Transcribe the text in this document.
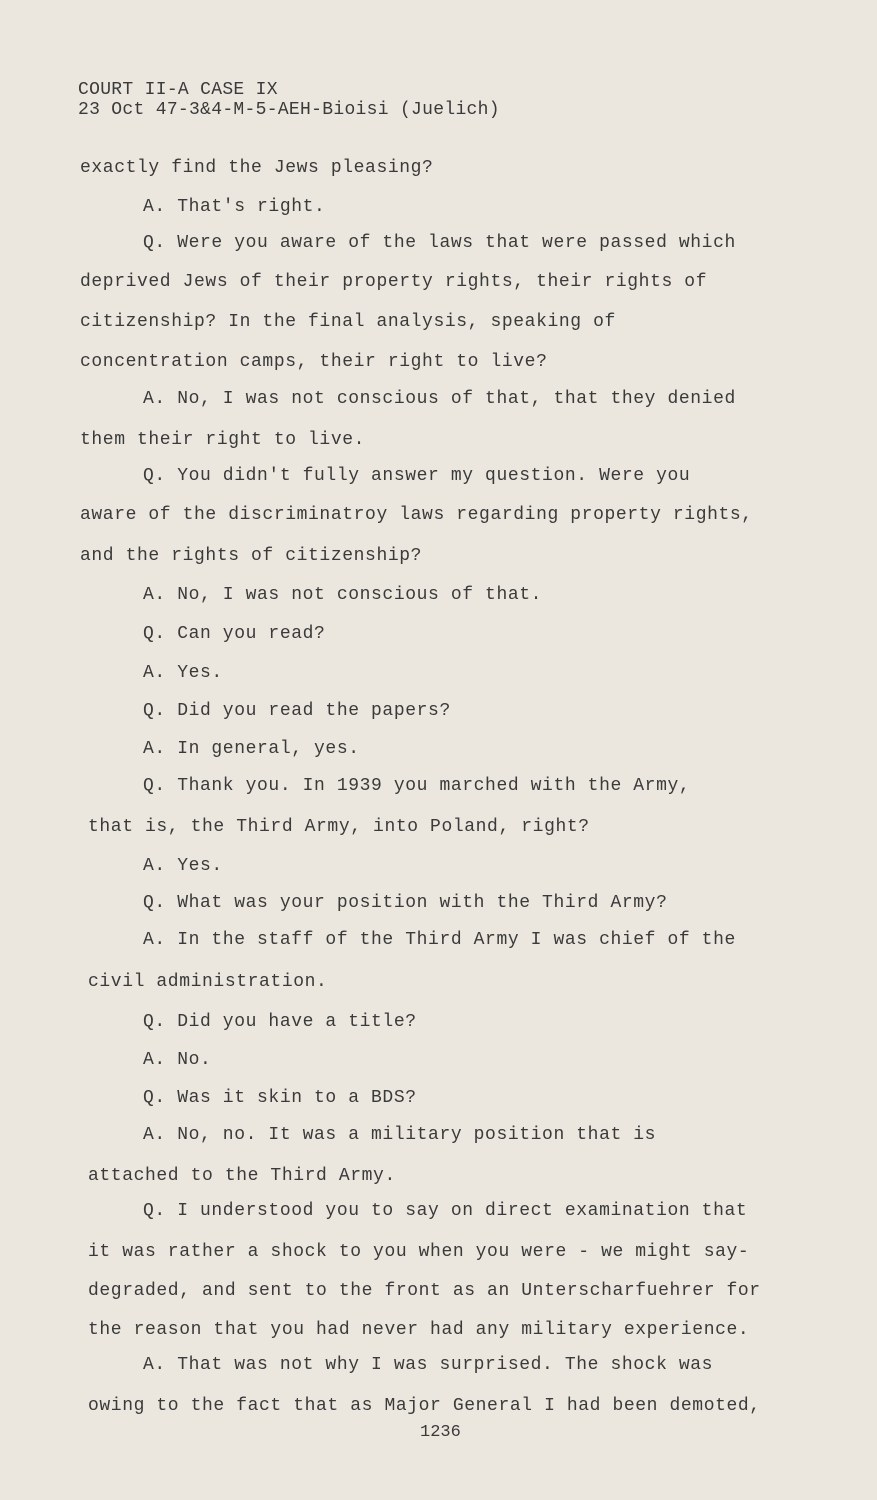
COURT II-A CASE IX
23 Oct 47-3&4-M-5-AEH-Bioisi (Juelich)
exactly find the Jews pleasing?
A. That's right.
Q. Were you aware of the laws that were passed which
deprived Jews of their property rights, their rights of
citizenship? In the final analysis, speaking of
concentration camps, their right to live?
A. No, I was not conscious of that, that they denied
them their right to live.
Q. You didn't fully answer my question. Were you
aware of the discriminatroy laws regarding property rights,
and the rights of citizenship?
A. No, I was not conscious of that.
Q. Can you read?
A. Yes.
Q. Did you read the papers?
A. In general, yes.
Q. Thank you. In 1939 you marched with the Army,
that is, the Third Army, into Poland, right?
A. Yes.
Q. What was your position with the Third Army?
A. In the staff of the Third Army I was chief of the
civil administration.
Q. Did you have a title?
A. No.
Q. Was it skin to a BDS?
A. No, no. It was a military position that is
attached to the Third Army.
Q. I understood you to say on direct examination that
it was rather a shock to you when you were - we might say-
degraded, and sent to the front as an Unterscharfuehrer for
the reason that you had never had any military experience.
A. That was not why I was surprised. The shock was
owing to the fact that as Major General I had been demoted,
1236
